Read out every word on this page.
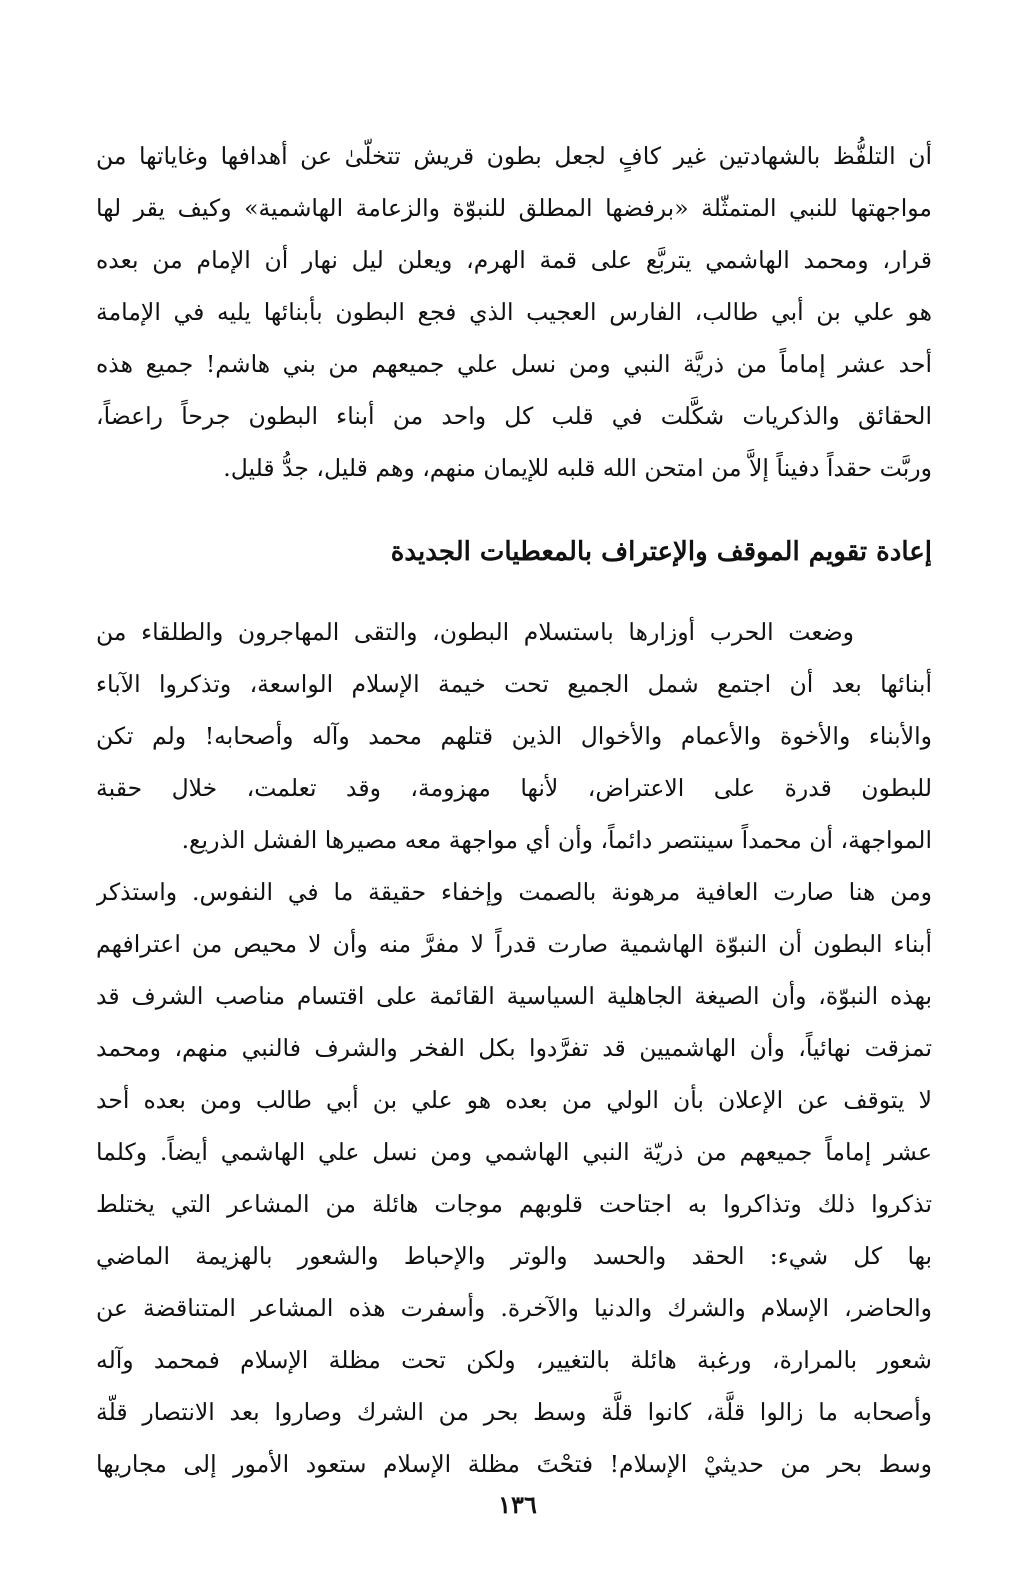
أن التلفُّظ بالشهادتين غير كافٍ لجعل بطون قريش تتخلّىٰ عن أهدافها وغاياتها من
مواجهتها للنبي المتمثّلة «برفضها المطلق للنبوّة والزعامة الهاشمية» وكيف يقر لها
قرار، ومحمد الهاشمي يتربَّع على قمة الهرم، ويعلن ليل نهار أن الإمام من بعده
هو علي بن أبي طالب، الفارس العجيب الذي فجع البطون بأبنائها يليه في الإمامة
أحد عشر إماماً من ذريَّة النبي ومن نسل علي جميعهم من بني هاشم! جميع هذه
الحقائق والذكريات شكَّلت في قلب كل واحد من أبناء البطون جرحاً راعضاً،
وربَّت حقداً دفيناً إلاَّ من امتحن الله قلبه للإيمان منهم، وهم قليل، جدُّ قليل.
إعادة تقويم الموقف والإعتراف بالمعطيات الجديدة
وضعت الحرب أوزارها باستسلام البطون، والتقى المهاجرون والطلقاء من
أبنائها بعد أن اجتمع شمل الجميع تحت خيمة الإسلام الواسعة، وتذكروا الآباء
والأبناء والأخوة والأعمام والأخوال الذين قتلهم محمد وآله وأصحابه! ولم تكن
للبطون قدرة على الاعتراض، لأنها مهزومة، وقد تعلمت، خلال حقبة
المواجهة، أن محمداً سينتصر دائماً، وأن أي مواجهة معه مصيرها الفشل الذريع.
ومن هنا صارت العافية مرهونة بالصمت وإخفاء حقيقة ما في النفوس. واستذكر
أبناء البطون أن النبوّة الهاشمية صارت قدراً لا مفرَّ منه وأن لا محيص من اعترافهم
بهذه النبوّة، وأن الصيغة الجاهلية السياسية القائمة على اقتسام مناصب الشرف قد
تمزقت نهائياً، وأن الهاشميين قد تفرَّدوا بكل الفخر والشرف فالنبي منهم، ومحمد
لا يتوقف عن الإعلان بأن الولي من بعده هو علي بن أبي طالب ومن بعده أحد
عشر إماماً جميعهم من ذريّة النبي الهاشمي ومن نسل علي الهاشمي أيضاً. وكلما
تذكروا ذلك وتذاكروا به اجتاحت قلوبهم موجات هائلة من المشاعر التي يختلط
بها كل شيء: الحقد والحسد والوتر والإحباط والشعور بالهزيمة الماضي
والحاضر، الإسلام والشرك والدنيا والآخرة. وأسفرت هذه المشاعر المتناقضة عن
شعور بالمرارة، ورغبة هائلة بالتغيير، ولكن تحت مظلة الإسلام فمحمد وآله
وأصحابه ما زالوا قلَّة، كانوا قلَّة وسط بحر من الشرك وصاروا بعد الانتصار قلّة
وسط بحر من حديثيْ الإسلام! فتحْتَ مظلة الإسلام ستعود الأمور إلى مجاريها
١٣٦
